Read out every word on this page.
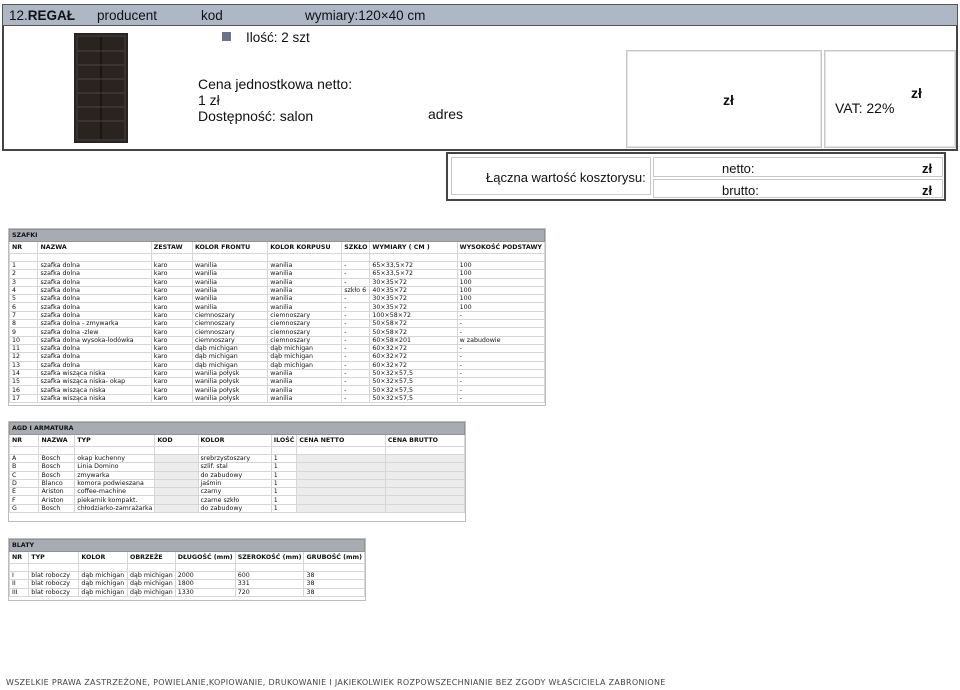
12.REGAŁ producent	kod	wymiary:120×40 cm
Ilość: 2 szt
Cena jednostkowa netto:
1 zł
Dostępność: salon	adres
zł	zł
VAT: 22%
Łączna wartość kosztorysu:
netto:	zł
brutto:	zł
SZAFKI							
NR	NAZWA	ZESTAW	KOLOR FRONTU	KOLOR KORPUSU	SZKŁO	WYMIARY ( CM )	WYSOKOŚĆ PODSTAWY

1	szafka dolna	karo	wanilia	wanilia	-	65×33,5×72	100
2	szafka dolna	karo	wanilia	wanilia	-	65×33,5×72	100
3	szafka dolna	karo	wanilia	wanilia	-	30×35×72	100
4	szafka dolna	karo	wanilia	wanilia	szkło 6	40×35×72	100
5	szafka dolna	karo	wanilia	wanilia	-	30×35×72	100
6	szafka dolna	karo	wanilia	wanilia	-	30×35×72	100
7	szafka dolna	karo	ciemnoszary	ciemnoszary	-	100×58×72	-
8	szafka dolna - zmywarka	karo	ciemnoszary	ciemnoszary	-	50×58×72	-
9	szafka dolna -zlew	karo	ciemnoszary	ciemnoszary	-	50×58×72	-
10	szafka dolna wysoka-lodówka	karo	ciemnoszary	ciemnoszary	-	60×58×201	w zabudowie
11	szafka dolna	karo	dąb michigan	dąb michigan	-	60×32×72	-
12	szafka dolna	karo	dąb michigan	dąb michigan	-	60×32×72	-
13	szafka dolna	karo	dąb michigan	dąb michigan	-	60×32×72	-
14	szafka wisząca niska	karo	wanilia połysk	wanilia	-	50×32×57,5	-
15	szafka wisząca niska- okap	karo	wanilia połysk	wanilia	-	50×32×57,5	-
16	szafka wisząca niska	karo	wanilia połysk	wanilia	-	50×32×57,5	-
17	szafka wisząca niska	karo	wanilia połysk	wanilia	-	50×32×57,5	-
AGD I ARMATURA							
NR	NAZWA	TYP	KOD	KOLOR	ILOŚĆ	CENA NETTO	CENA BRUTTO

A	Bosch	okap kuchenny		srebrzystoszary	1		
B	Bosch	Linia Domino		szlif. stal	1		
C	Bosch	zmywarka		do zabudowy	1		
D	Blanco	komora podwieszana		jaśmin	1		
E	Ariston	coffee-machine		czarny	1		
F	Ariston	piekarnik kompakt.		czarne szkło	1		
G	Bosch	chłodziarko-zamrażarka		do zabudowy	1		
BLATY						
NR	TYP	KOLOR	OBRZEŻE	DŁUGOŚĆ (mm)	SZEROKOŚĆ (mm)	GRUBOŚĆ (mm)

I	blat roboczy	dąb michigan	dąb michigan	2000	600	38
II	blat roboczy	dąb michigan	dąb michigan	1800	331	38
III	blat roboczy	dąb michigan	dąb michigan	1330	720	38
WSZELKIE PRAWA ZASTRZEŻONE, POWIELANIE,KOPIOWANIE, DRUKOWANIE I JAKIEKOLWIEK ROZPOWSZECHNIANIE BEZ ZGODY WŁAŚCICIELA ZABRONIONE
